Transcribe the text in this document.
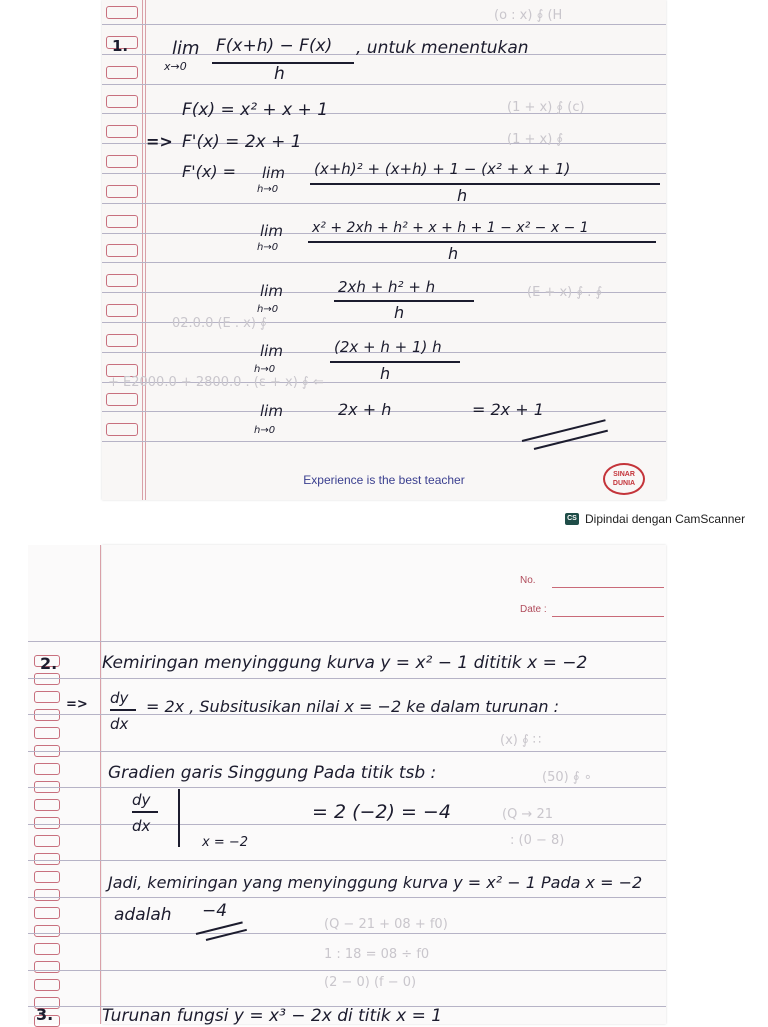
(o : x) ∮ (H
(1 + x) ∮ (c)
(1 + x) ∮
(E + x) ∮ . ∮
02.0.0 (E . x) ∮
+ E2000.0 + 2800.0 . (ε + x) ∮ ⇐
1. lim
x→0
F(x+h) − F(x)
h
, untuk menentukan
F(x) = x² + x + 1
=> F'(x) = 2x + 1
F'(x) = lim
h→0
(x+h)² + (x+h) + 1 − (x² + x + 1)
h
lim
h→0
x² + 2xh + h² + x + h + 1 − x² − x − 1
h
lim
h→0
2xh + h² + h
h
lim
h→0
(2x + h + 1) h
h
lim
h→0
2x + h	= 2x + 1
Experience is the best teacher	SINAR DUNIA
CS Dipindai dengan CamScanner
No.
Date :
(x) ∮ ∷
(50) ∮ ∘
(Q → 21
: (0 − 8)
(Q − 21 + 08 + f0)
1 : 18 = 08 ÷ f0
(2 − 0) (f − 0)
2.	Kemiringan menyinggung kurva y = x² − 1 dititik x = −2
=> dy
dx
= 2x , Subsitusikan nilai x = −2 ke dalam turunan :
Gradien garis Singgung Pada titik tsb :
dy
dx
x = −2
= 2 (−2) = −4
Jadi, kemiringan yang menyinggung kurva y = x² − 1 Pada x = −2
adalah −4
3.	Turunan fungsi y = x³ − 2x di titik x = 1
